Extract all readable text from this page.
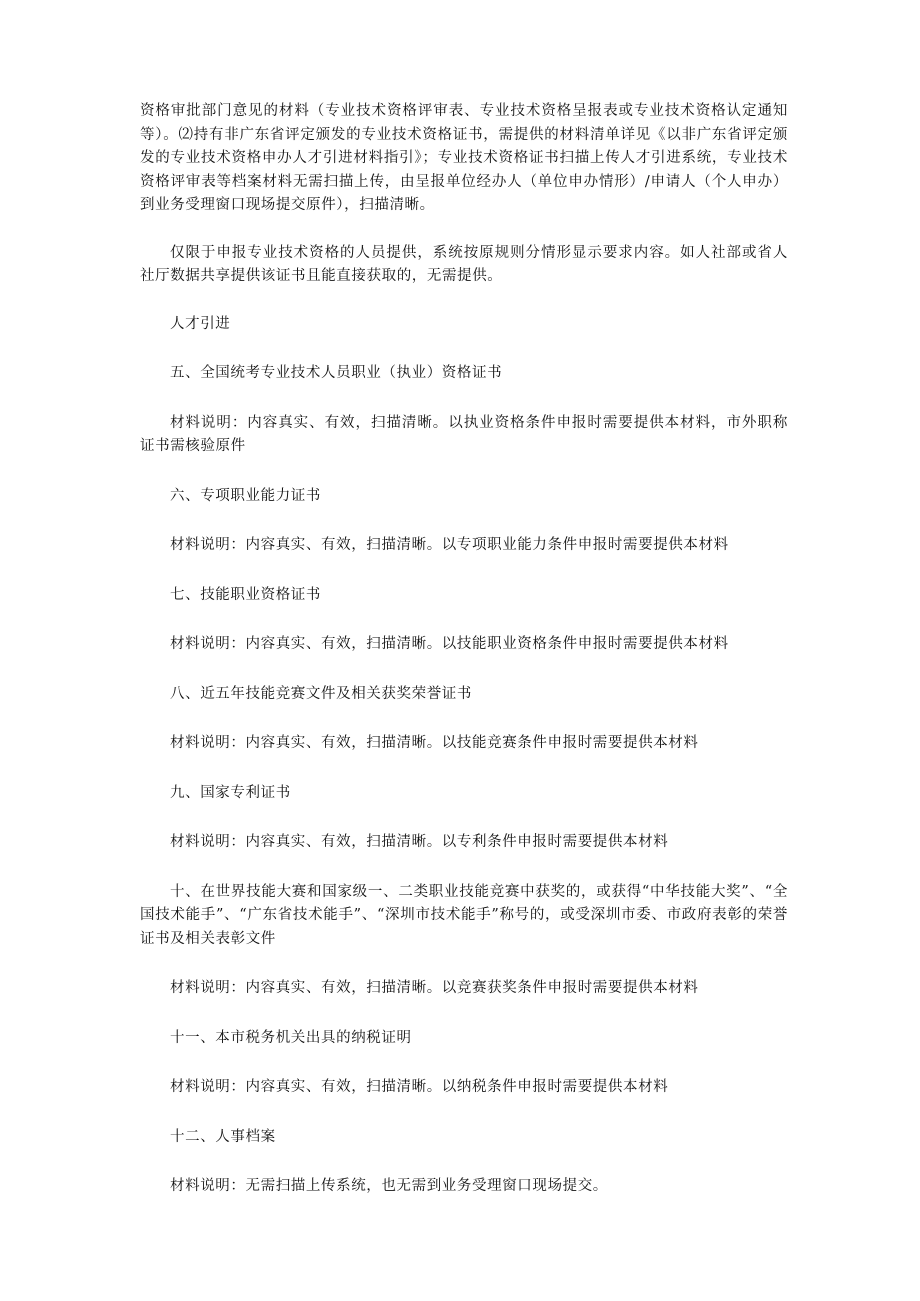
资格审批部门意见的材料（专业技术资格评审表、专业技术资格呈报表或专业技术资格认定通知等）。⑵持有非广东省评定颁发的专业技术资格证书，需提供的材料清单详见《以非广东省评定颁发的专业技术资格申办人才引进材料指引》；专业技术资格证书扫描上传人才引进系统，专业技术资格评审表等档案材料无需扫描上传，由呈报单位经办人（单位申办情形）/申请人（个人申办）到业务受理窗口现场提交原件），扫描清晰。

仅限于申报专业技术资格的人员提供，系统按原规则分情形显示要求内容。如人社部或省人社厅数据共享提供该证书且能直接获取的，无需提供。

人才引进

五、全国统考专业技术人员职业（执业）资格证书

材料说明：内容真实、有效，扫描清晰。以执业资格条件申报时需要提供本材料，市外职称证书需核验原件

六、专项职业能力证书

材料说明：内容真实、有效，扫描清晰。以专项职业能力条件申报时需要提供本材料

七、技能职业资格证书

材料说明：内容真实、有效，扫描清晰。以技能职业资格条件申报时需要提供本材料

八、近五年技能竞赛文件及相关获奖荣誉证书

材料说明：内容真实、有效，扫描清晰。以技能竞赛条件申报时需要提供本材料

九、国家专利证书

材料说明：内容真实、有效，扫描清晰。以专利条件申报时需要提供本材料

十、在世界技能大赛和国家级一、二类职业技能竞赛中获奖的，或获得“中华技能大奖”、“全国技术能手”、“广东省技术能手”、“深圳市技术能手”称号的，或受深圳市委、市政府表彰的荣誉证书及相关表彰文件

材料说明：内容真实、有效，扫描清晰。以竞赛获奖条件申报时需要提供本材料

十一、本市税务机关出具的纳税证明

材料说明：内容真实、有效，扫描清晰。以纳税条件申报时需要提供本材料

十二、人事档案

材料说明：无需扫描上传系统，也无需到业务受理窗口现场提交。
